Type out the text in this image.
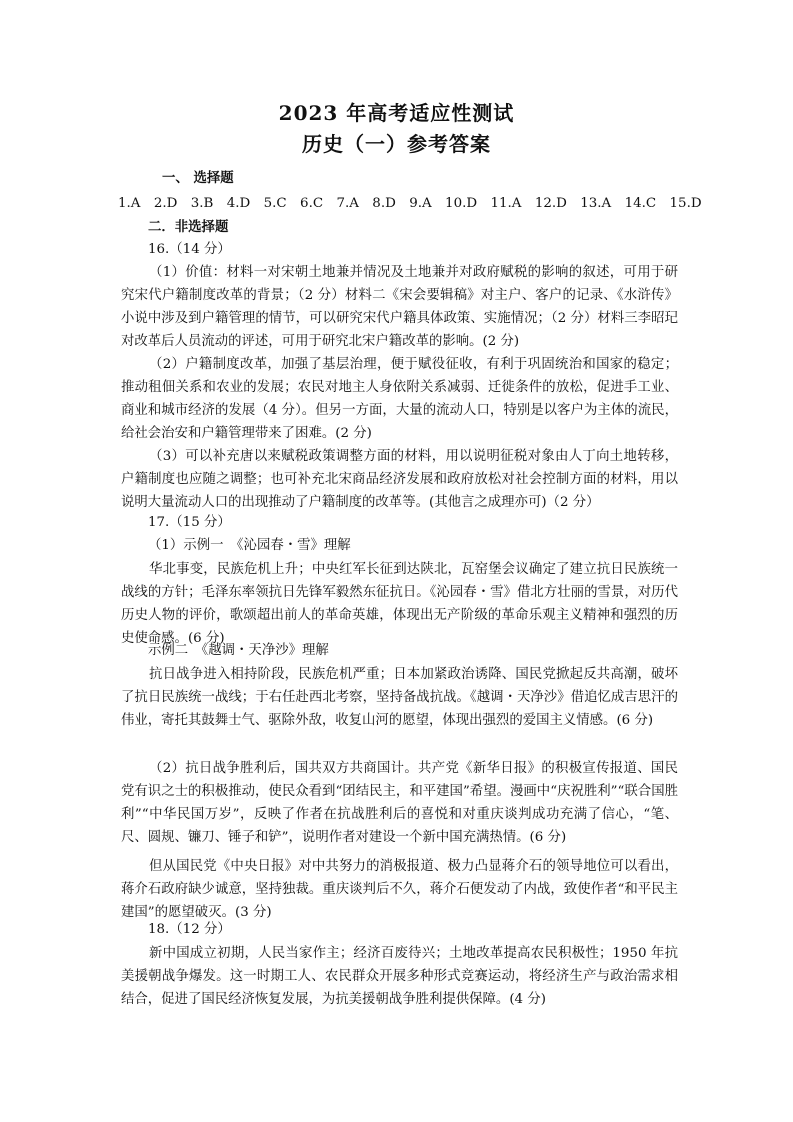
2023 年高考适应性测试
历史（一）参考答案
一、 选择题
1.A　2.D　3.B　4.D　5.C　6.C　7.A　8.D　9.A　10.D　11.A　12.D　13.A　14.C　15.D
二．非选择题
16.（14 分）
（1）价值：材料一对宋朝土地兼并情况及土地兼并对政府赋税的影响的叙述，可用于研究宋代户籍制度改革的背景；（2 分）材料二《宋会要辑稿》对主户、客户的记录、《水浒传》小说中涉及到户籍管理的情节，可以研究宋代户籍具体政策、实施情况；（2 分）材料三李昭玘对改革后人员流动的评述，可用于研究北宋户籍改革的影响。(2 分)
（2）户籍制度改革，加强了基层治理，便于赋役征收，有利于巩固统治和国家的稳定；推动租佃关系和农业的发展；农民对地主人身依附关系减弱、迁徙条件的放松，促进手工业、商业和城市经济的发展（4 分）。但另一方面，大量的流动人口，特别是以客户为主体的流民，给社会治安和户籍管理带来了困难。(2 分)
（3）可以补充唐以来赋税政策调整方面的材料，用以说明征税对象由人丁向土地转移，户籍制度也应随之调整；也可补充北宋商品经济发展和政府放松对社会控制方面的材料，用以说明大量流动人口的出现推动了户籍制度的改革等。(其他言之成理亦可)（2 分）
17.（15 分）
（1）示例一　《沁园春・雪》理解
华北事变，民族危机上升；中央红军长征到达陕北，瓦窑堡会议确定了建立抗日民族统一战线的方针；毛泽东率领抗日先锋军毅然东征抗日。《沁园春・雪》借北方壮丽的雪景，对历代历史人物的评价，歌颂超出前人的革命英雄，体现出无产阶级的革命乐观主义精神和强烈的历史使命感。(6 分)
示例二　《越调・天净沙》理解
抗日战争进入相持阶段，民族危机严重；日本加紧政治诱降、国民党掀起反共高潮，破坏了抗日民族统一战线；于右任赴西北考察，坚持备战抗战。《越调・天净沙》借追忆成吉思汗的伟业，寄托其鼓舞士气、驱除外敌，收复山河的愿望，体现出强烈的爱国主义情感。(6 分)
（2）抗日战争胜利后，国共双方共商国计。共产党《新华日报》的积极宣传报道、国民党有识之士的积极推动，使民众看到“团结民主，和平建国”希望。漫画中“庆祝胜利”“联合国胜利”“中华民国万岁”，反映了作者在抗战胜利后的喜悦和对重庆谈判成功充满了信心，“笔、尺、圆规、镰刀、锤子和铲”，说明作者对建设一个新中国充满热情。(6 分)
但从国民党《中央日报》对中共努力的消极报道、极力凸显蒋介石的领导地位可以看出，蒋介石政府缺少诚意，坚持独裁。重庆谈判后不久，蒋介石便发动了内战，致使作者“和平民主建国”的愿望破灭。(3 分)
18.（12 分）
新中国成立初期，人民当家作主；经济百废待兴；土地改革提高农民积极性；1950 年抗美援朝战争爆发。这一时期工人、农民群众开展多种形式竞赛运动，将经济生产与政治需求相结合，促进了国民经济恢复发展，为抗美援朝战争胜利提供保障。(4 分)
